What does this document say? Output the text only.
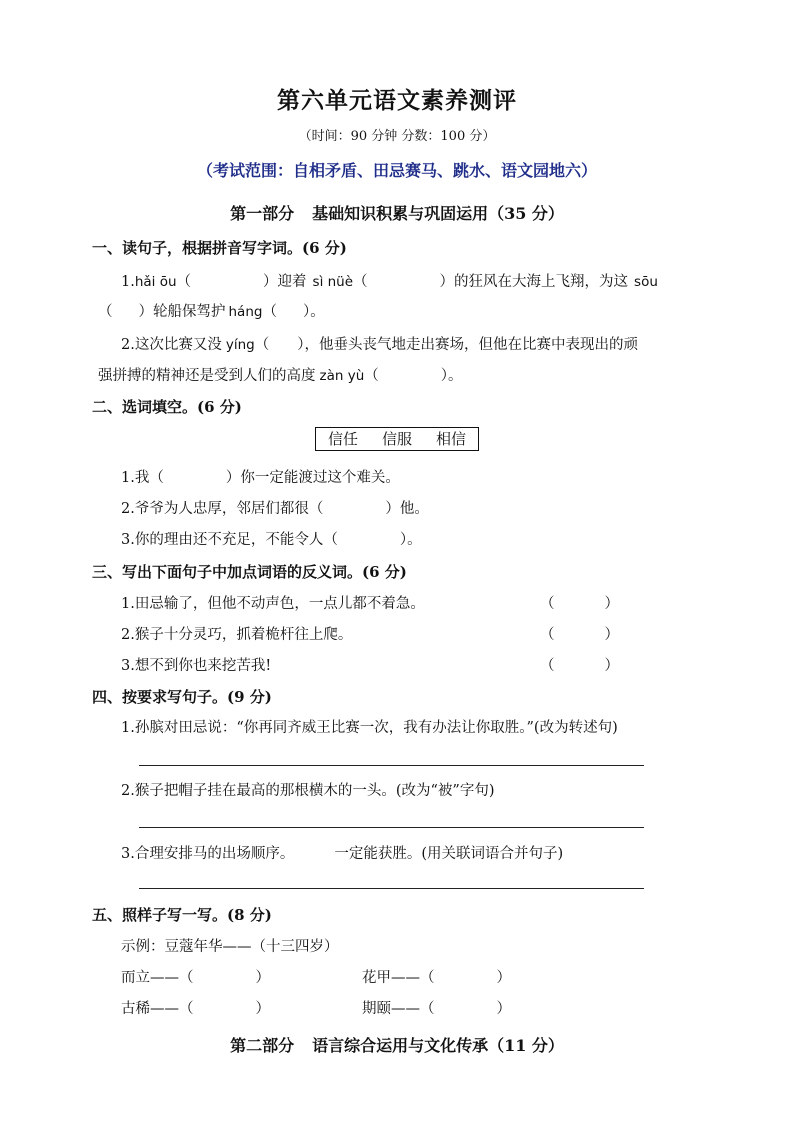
第六单元语文素养测评
（时间：90 分钟 分数：100 分）
（考试范围：自相矛盾、田忌赛马、跳水、语文园地六）
第一部分 基础知识积累与巩固运用（35 分）
一、读句子，根据拼音写字词。(6 分)
1.hǎi ōu（	）迎着 sì nüè（	）的狂风在大海上飞翔，为这 sōu
（ ）轮船保驾护 háng（ ）。
2.这次比赛又没 yíng（ ），他垂头丧气地走出赛场，但他在比赛中表现出的顽
强拼搏的精神还是受到人们的高度 zàn yù（	）。
二、选词填空。(6 分)
信任 信服 相信
1.我（	）你一定能渡过这个难关。
2.爷爷为人忠厚，邻居们都很（	）他。
3.你的理由还不充足，不能令人（	）。
三、写出下面句子中加点词语的反义词。(6 分)
1.田忌输了，但他不动声色，一点儿都不着急。	（	）
2.猴子十分灵巧，抓着桅杆往上爬。	（	）
3.想不到你也来挖苦我!	（	）
四、按要求写句子。(9 分)
1.孙膑对田忌说：“你再同齐威王比赛一次，我有办法让你取胜。”(改为转述句)
2.猴子把帽子挂在最高的那根横木的一头。(改为“被”字句)
3.合理安排马的出场顺序。	一定能获胜。(用关联词语合并句子)
五、照样子写一写。(8 分)
示例：豆蔻年华——（十三四岁）
而立——（	）	花甲——（	）
古稀——（	）	期颐——（	）
第二部分 语言综合运用与文化传承（11 分）
